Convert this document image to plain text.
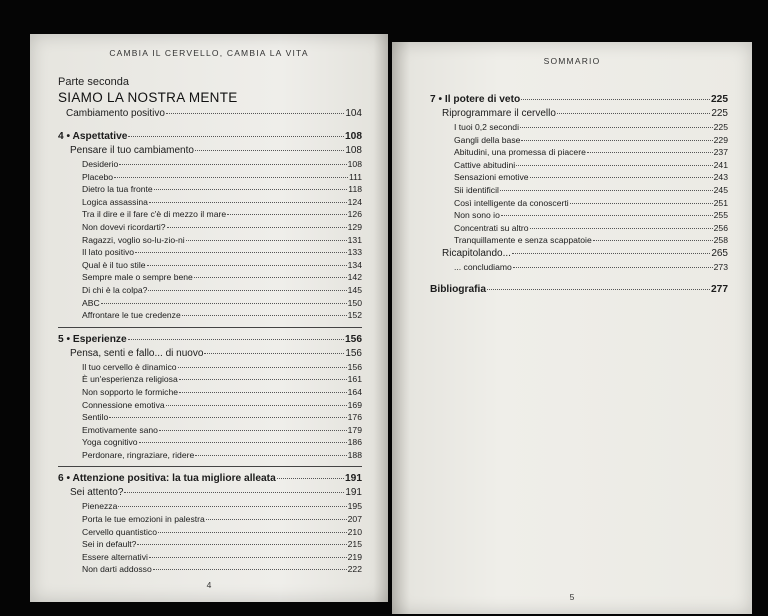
CAMBIA IL CERVELLO, CAMBIA LA VITA
Parte seconda
SIAMO LA NOSTRA MENTE
Cambiamento positivo	104
4 • Aspettative	108
Pensare il tuo cambiamento	108
Desiderio	108
Placebo	111
Dietro la tua fronte	118
Logica assassina	124
Tra il dire e il fare c'è di mezzo il mare	126
Non dovevi ricordarti?	129
Ragazzi, voglio so-lu-zio-ni	131
Il lato positivo	133
Qual è il tuo stile	134
Sempre male o sempre bene	142
Di chi è la colpa?	145
ABC	150
Affrontare le tue credenze	152
5 • Esperienze	156
Pensa, senti e fallo... di nuovo	156
Il tuo cervello è dinamico	156
È un'esperienza religiosa	161
Non sopporto le formiche	164
Connessione emotiva	169
Sentilo	176
Emotivamente sano	179
Yoga cognitivo	186
Perdonare, ringraziare, ridere	188
6 • Attenzione positiva: la tua migliore alleata	191
Sei attento?	191
Pienezza	195
Porta le tue emozioni in palestra	207
Cervello quantistico	210
Sei in default?	215
Essere alternativi	219
Non darti addosso	222
4
SOMMARIO
7 • Il potere di veto	225
Riprogrammare il cervello	225
I tuoi 0,2 secondi	225
Gangli della base	229
Abitudini, una promessa di piacere	237
Cattive abitudini	241
Sensazioni emotive	243
Sii identificil	245
Così intelligente da conoscerti	251
Non sono io	255
Concentrati su altro	256
Tranquillamente e senza scappatoie	258
Ricapitolando...	265
... concludiamo	273
Bibliografia	277
5
